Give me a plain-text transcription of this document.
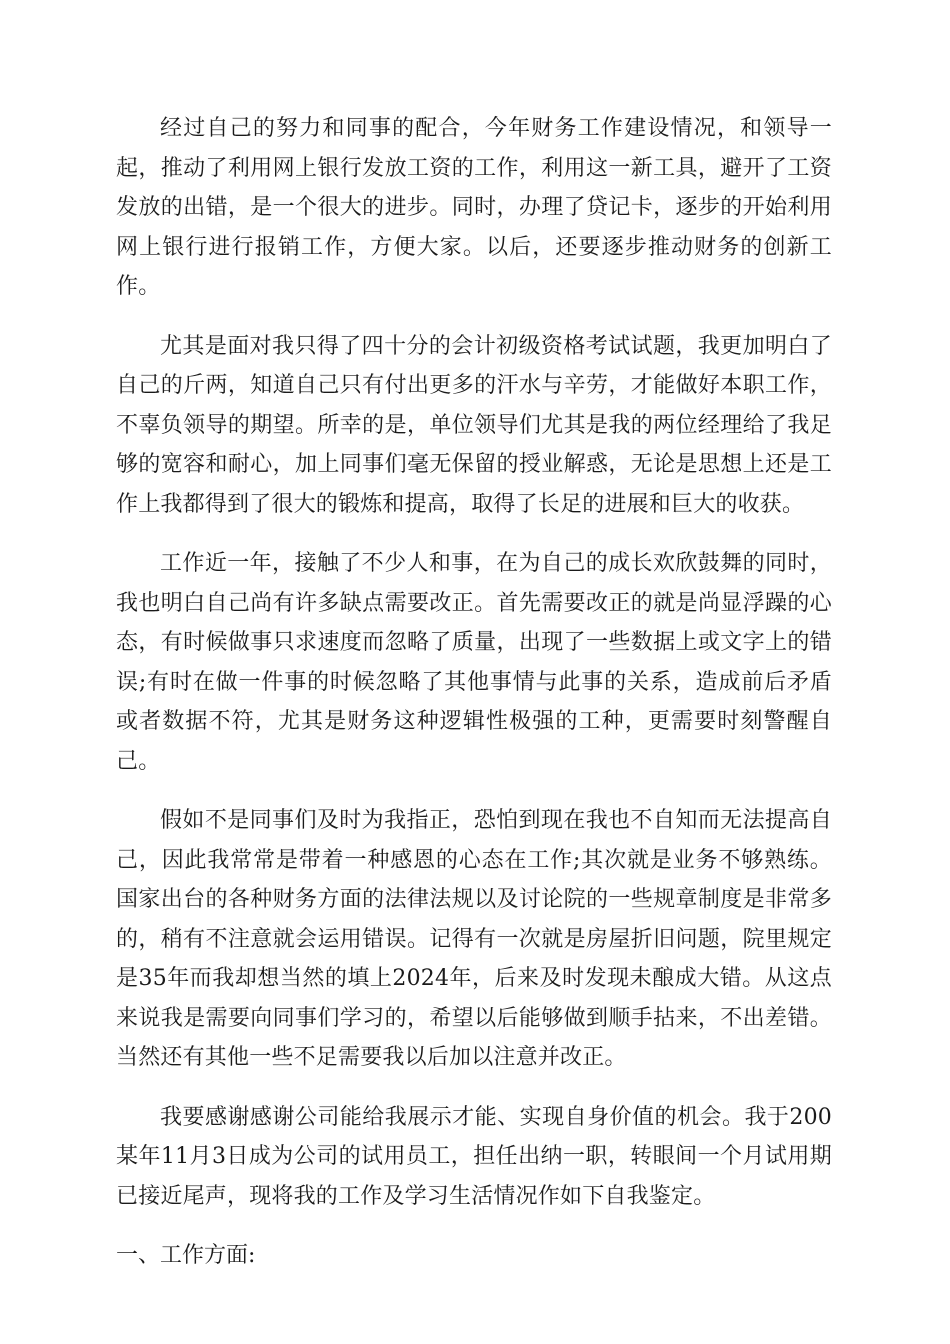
经过自己的努力和同事的配合，今年财务工作建设情况，和领导一起，推动了利用网上银行发放工资的工作，利用这一新工具，避开了工资发放的出错，是一个很大的进步。同时，办理了贷记卡，逐步的开始利用网上银行进行报销工作，方便大家。以后，还要逐步推动财务的创新工作。

尤其是面对我只得了四十分的会计初级资格考试试题，我更加明白了自己的斤两，知道自己只有付出更多的汗水与辛劳，才能做好本职工作，不辜负领导的期望。所幸的是，单位领导们尤其是我的两位经理给了我足够的宽容和耐心，加上同事们毫无保留的授业解惑，无论是思想上还是工作上我都得到了很大的锻炼和提高，取得了长足的进展和巨大的收获。

工作近一年，接触了不少人和事，在为自己的成长欢欣鼓舞的同时，我也明白自己尚有许多缺点需要改正。首先需要改正的就是尚显浮躁的心态，有时候做事只求速度而忽略了质量，出现了一些数据上或文字上的错误;有时在做一件事的时候忽略了其他事情与此事的关系，造成前后矛盾或者数据不符，尤其是财务这种逻辑性极强的工种，更需要时刻警醒自己。

假如不是同事们及时为我指正，恐怕到现在我也不自知而无法提高自己，因此我常常是带着一种感恩的心态在工作;其次就是业务不够熟练。国家出台的各种财务方面的法律法规以及讨论院的一些规章制度是非常多的，稍有不注意就会运用错误。记得有一次就是房屋折旧问题，院里规定是35年而我却想当然的填上2024年，后来及时发现未酿成大错。从这点来说我是需要向同事们学习的，希望以后能够做到顺手拈来，不出差错。当然还有其他一些不足需要我以后加以注意并改正。

我要感谢感谢公司能给我展示才能、实现自身价值的机会。我于200某年11月3日成为公司的试用员工，担任出纳一职，转眼间一个月试用期已接近尾声，现将我的工作及学习生活情况作如下自我鉴定。

一、工作方面:
